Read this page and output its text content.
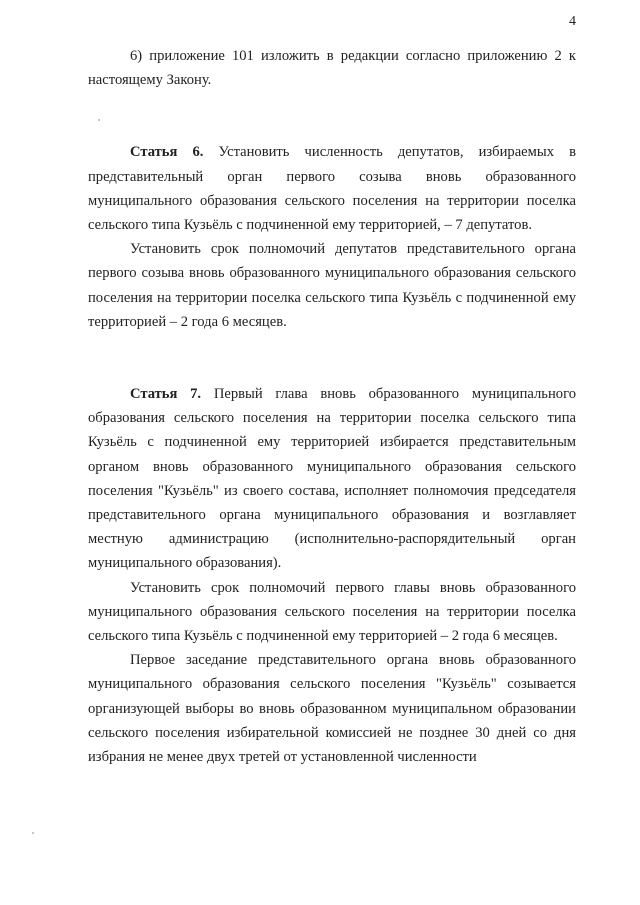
4

6) приложение 101 изложить в редакции согласно приложению 2 к настоящему Закону.

Статья 6. Установить численность депутатов, избираемых в представительный орган первого созыва вновь образованного муниципального образования сельского поселения на территории поселка сельского типа Кузьёль с подчиненной ему территорией, – 7 депутатов.

Установить срок полномочий депутатов представительного органа первого созыва вновь образованного муниципального образования сельского поселения на территории поселка сельского типа Кузьёль с подчиненной ему территорией – 2 года 6 месяцев.

Статья 7. Первый глава вновь образованного муниципального образования сельского поселения на территории поселка сельского типа Кузьёль с подчиненной ему территорией избирается представительным органом вновь образованного муниципального образования сельского поселения "Кузьёль" из своего состава, исполняет полномочия председателя представительного органа муниципального образования и возглавляет местную администрацию (исполнительно-распорядительный орган муниципального образования).

Установить срок полномочий первого главы вновь образованного муниципального образования сельского поселения на территории поселка сельского типа Кузьёль с подчиненной ему территорией – 2 года 6 месяцев.

Первое заседание представительного органа вновь образованного муниципального образования сельского поселения "Кузьёль" созывается организующей выборы во вновь образованном муниципальном образовании сельского поселения избирательной комиссией не позднее 30 дней со дня избрания не менее двух третей от установленной численности
